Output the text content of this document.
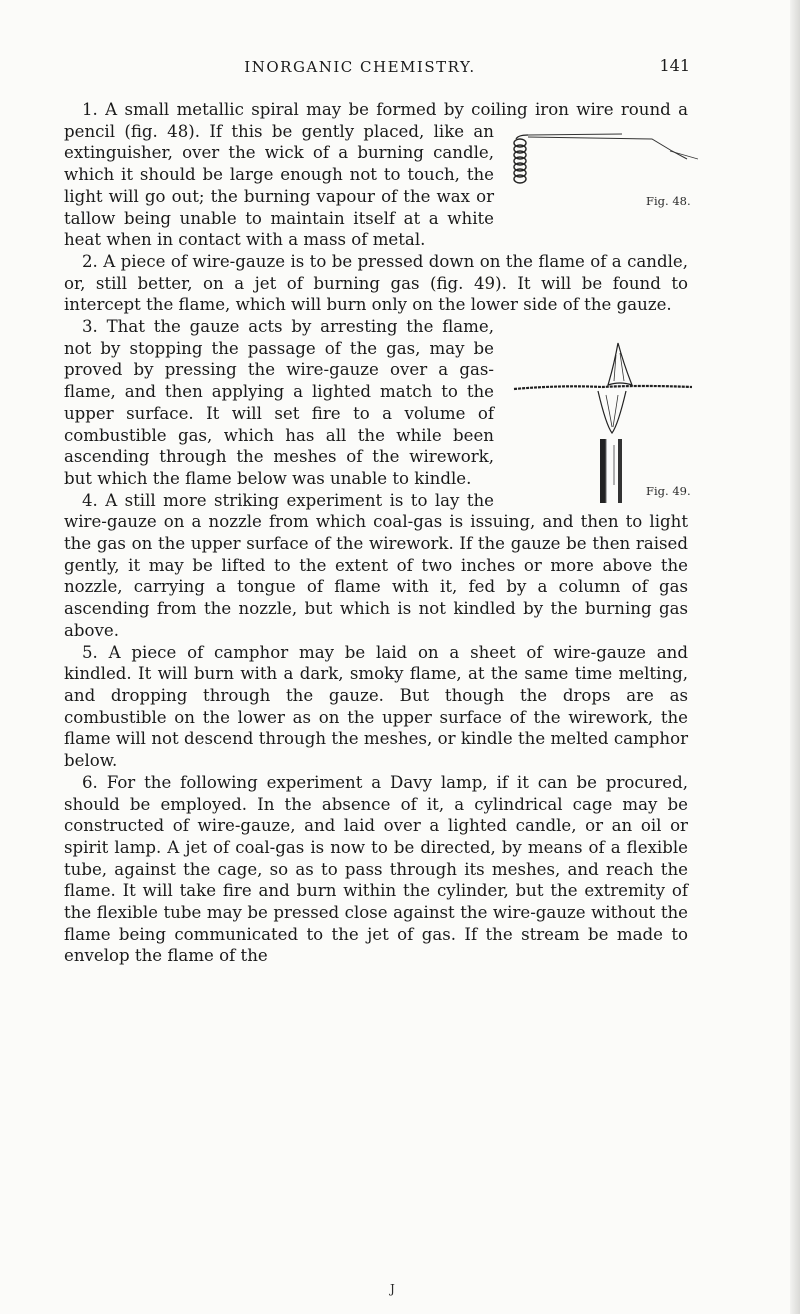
INORGANIC CHEMISTRY.	141
Fig. 48.

1. A small metallic spiral may be formed by coiling iron wire round a pencil (fig. 48). If this be gently placed, like an extinguisher, over the wick of a burning candle, which it should be large enough not to touch, the light will go out; the burning vapour of the wax or tallow being unable to maintain itself at a white heat when in contact with a mass of metal.

Fig. 49.

2. A piece of wire-gauze is to be pressed down on the flame of a candle, or, still better, on a jet of burning gas (fig. 49). It will be found to intercept the flame, which will burn only on the lower side of the gauze.

3. That the gauze acts by arresting the flame, not by stopping the passage of the gas, may be proved by pressing the wire-gauze over a gas-flame, and then applying a lighted match to the upper surface. It will set fire to a volume of combustible gas, which has all the while been ascending through the meshes of the wirework, but which the flame below was unable to kindle.

4. A still more striking experiment is to lay the wire-gauze on a nozzle from which coal-gas is issuing, and then to light the gas on the upper surface of the wirework. If the gauze be then raised gently, it may be lifted to the extent of two inches or more above the nozzle, carrying a tongue of flame with it, fed by a column of gas ascending from the nozzle, but which is not kindled by the burning gas above.

5. A piece of camphor may be laid on a sheet of wire-gauze and kindled. It will burn with a dark, smoky flame, at the same time melting, and dropping through the gauze. But though the drops are as combustible on the lower as on the upper surface of the wirework, the flame will not descend through the meshes, or kindle the melted camphor below.

6. For the following experiment a Davy lamp, if it can be procured, should be employed. In the absence of it, a cylindrical cage may be constructed of wire-gauze, and laid over a lighted candle, or an oil or spirit lamp. A jet of coal-gas is now to be directed, by means of a flexible tube, against the cage, so as to pass through its meshes, and reach the flame. It will take fire and burn within the cylinder, but the extremity of the flexible tube may be pressed close against the wire-gauze without the flame being communicated to the jet of gas. If the stream be made to envelop the flame of the

J
